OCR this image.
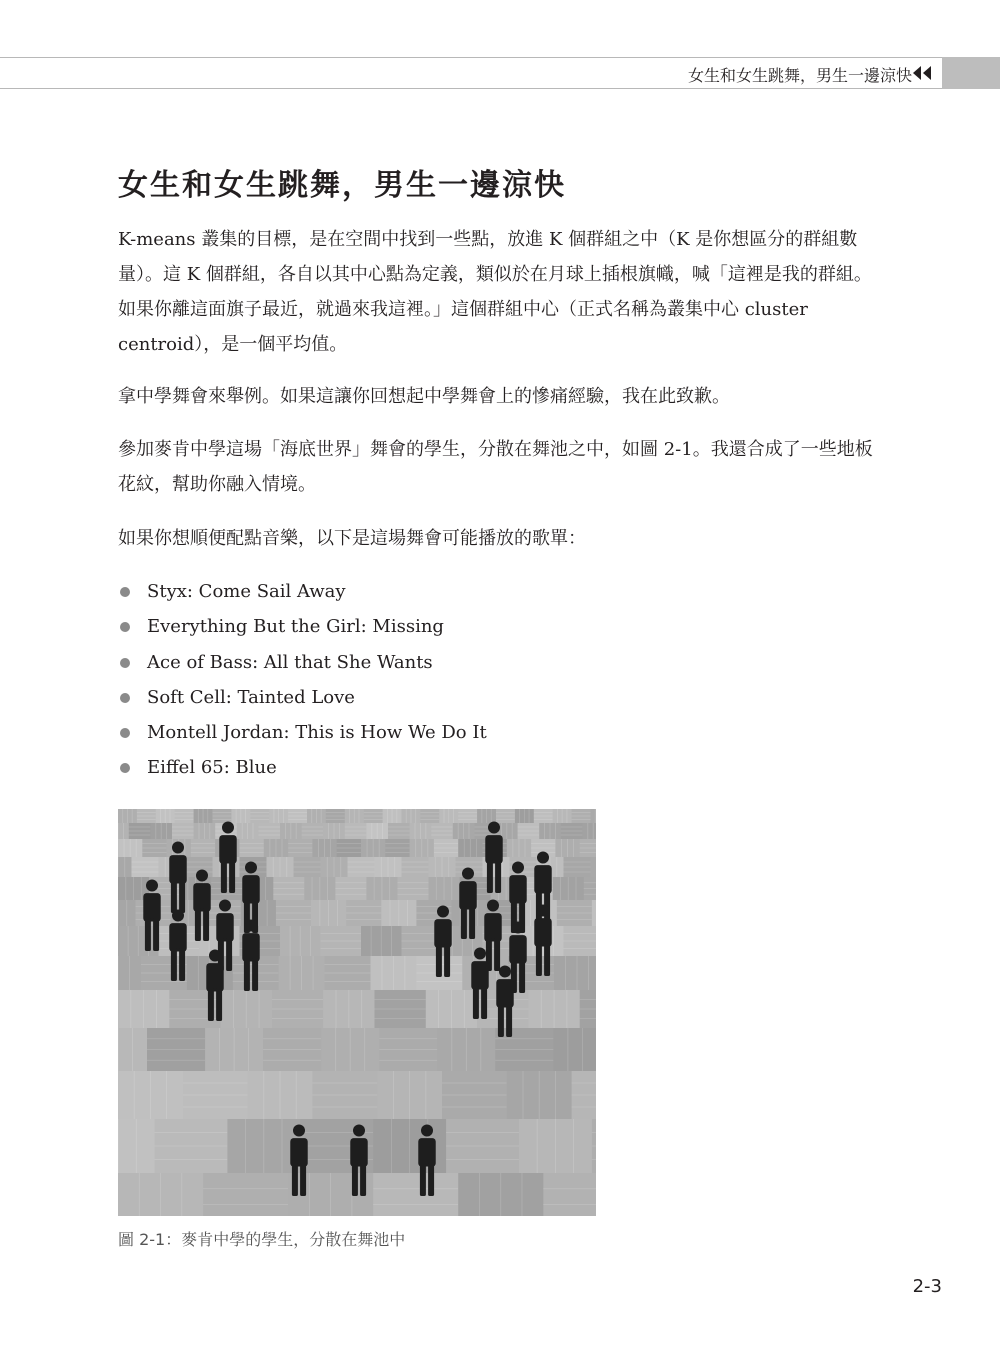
女生和女生跳舞，男生一邊涼快
女生和女生跳舞，男生一邊涼快

K-means 叢集的目標，是在空間中找到一些點，放進 K 個群組之中（K 是你想區分的群組數量）。這 K 個群組，各自以其中心點為定義，類似於在月球上插根旗幟，喊「這裡是我的群組。如果你離這面旗子最近，就過來我這裡。」這個群組中心（正式名稱為叢集中心 cluster centroid），是一個平均值。

拿中學舞會來舉例。如果這讓你回想起中學舞會上的慘痛經驗，我在此致歉。

參加麥肯中學這場「海底世界」舞會的學生，分散在舞池之中，如圖 2-1。我還合成了一些地板花紋，幫助你融入情境。

如果你想順便配點音樂，以下是這場舞會可能播放的歌單：

Styx: Come Sail Away
Everything But the Girl: Missing
Ace of Bass: All that She Wants
Soft Cell: Tainted Love
Montell Jordan: This is How We Do It
Eiffel 65: Blue

圖 2-1：麥肯中學的學生，分散在舞池中

2-3
